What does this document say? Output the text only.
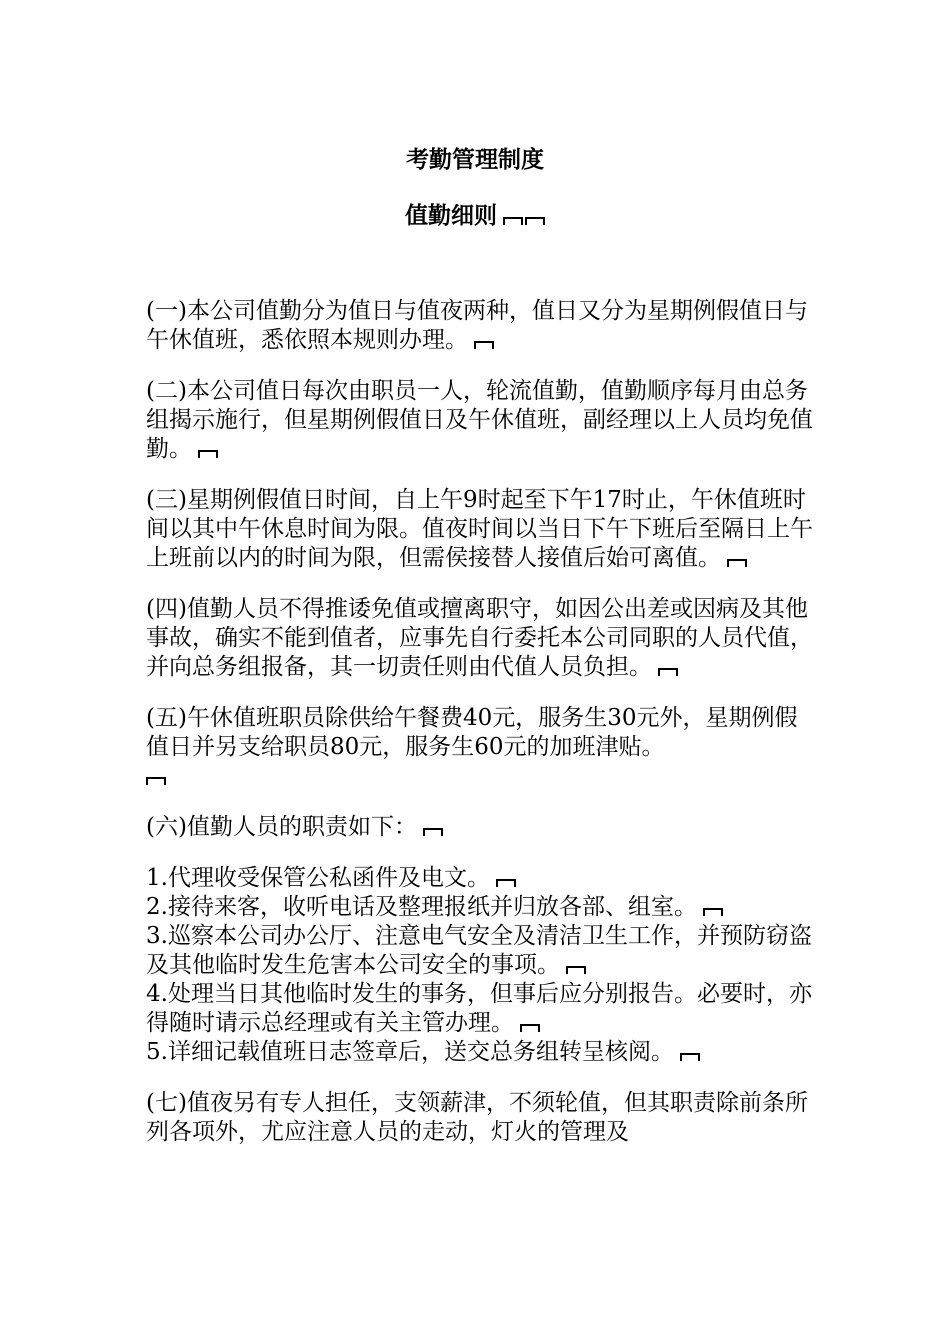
考勤管理制度
值勤细则

(一)本公司值勤分为值日与值夜两种，值日又分为星期例假值日与午休值班，悉依照本规则办理。

(二)本公司值日每次由职员一人，轮流值勤，值勤顺序每月由总务组揭示施行，但星期例假值日及午休值班，副经理以上人员均免值勤。

(三)星期例假值日时间，自上午9时起至下午17时止，午休值班时间以其中午休息时间为限。值夜时间以当日下午下班后至隔日上午上班前以内的时间为限，但需侯接替人接值后始可离值。

(四)值勤人员不得推诿免值或擅离职守，如因公出差或因病及其他事故，确实不能到值者，应事先自行委托本公司同职的人员代值，并向总务组报备，其一切责任则由代值人员负担。

(五)午休值班职员除供给午餐费40元，服务生30元外，星期例假值日并另支给职员80元，服务生60元的加班津贴。

(六)值勤人员的职责如下：

1.代理收受保管公私函件及电文。

2.接待来客，收听电话及整理报纸并归放各部、组室。

3.巡察本公司办公厅、注意电气安全及清洁卫生工作，并预防窃盗及其他临时发生危害本公司安全的事项。

4.处理当日其他临时发生的事务，但事后应分别报告。必要时，亦得随时请示总经理或有关主管办理。

5.详细记载值班日志签章后，送交总务组转呈核阅。

(七)值夜另有专人担任，支领薪津，不须轮值，但其职责除前条所列各项外，尤应注意人员的走动，灯火的管理及
